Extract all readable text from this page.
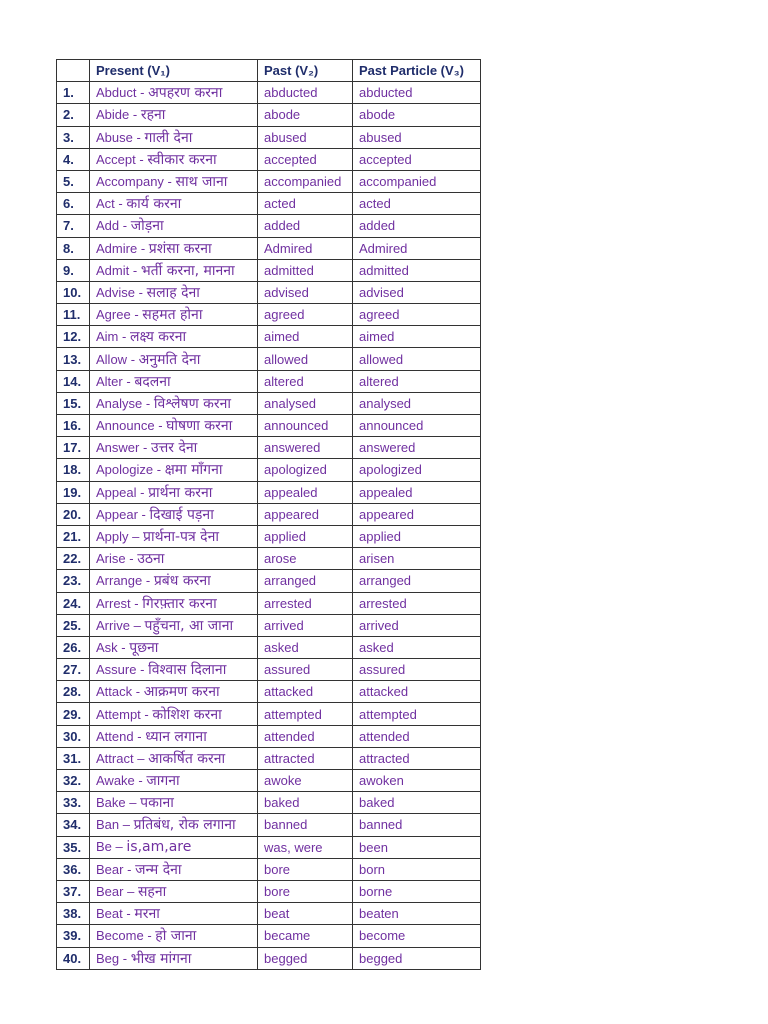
	Present (V₁)	Past (V₂)	Past Particle (V₃)
1.	Abduct - अपहरण करना	abducted	abducted
2.	Abide - रहना	abode	abode
3.	Abuse - गाली देना	abused	abused
4.	Accept - स्वीकार करना	accepted	accepted
5.	Accompany - साथ जाना	accompanied	accompanied
6.	Act - कार्य करना	acted	acted
7.	Add - जोड़ना	added	added
8.	Admire - प्रशंसा करना	Admired	Admired
9.	Admit - भर्ती करना, मानना	admitted	admitted
10.	Advise - सलाह देना	advised	advised
11.	Agree - सहमत होना	agreed	agreed
12.	Aim - लक्ष्य करना	aimed	aimed
13.	Allow - अनुमति देना	allowed	allowed
14.	Alter - बदलना	altered	altered
15.	Analyse - विश्लेषण करना	analysed	analysed
16.	Announce - घोषणा करना	announced	announced
17.	Answer - उत्तर देना	answered	answered
18.	Apologize - क्षमा माँगना	apologized	apologized
19.	Appeal - प्रार्थना करना	appealed	appealed
20.	Appear - दिखाई पड़ना	appeared	appeared
21.	Apply – प्रार्थना-पत्र देना	applied	applied
22.	Arise - उठना	arose	arisen
23.	Arrange - प्रबंध करना	arranged	arranged
24.	Arrest - गिरफ़्तार करना	arrested	arrested
25.	Arrive – पहुँचना, आ जाना	arrived	arrived
26.	Ask - पूछना	asked	asked
27.	Assure - विश्वास दिलाना	assured	assured
28.	Attack - आक्रमण करना	attacked	attacked
29.	Attempt - कोशिश करना	attempted	attempted
30.	Attend - ध्यान लगाना	attended	attended
31.	Attract – आकर्षित करना	attracted	attracted
32.	Awake - जागना	awoke	awoken
33.	Bake – पकाना	baked	baked
34.	Ban – प्रतिबंध, रोक लगाना	banned	banned
35.	Be – is,am,are	was, were	been
36.	Bear - जन्म देना	bore	born
37.	Bear – सहना	bore	borne
38.	Beat - मरना	beat	beaten
39.	Become - हो जाना	became	become
40.	Beg - भीख मांगना	begged	begged
